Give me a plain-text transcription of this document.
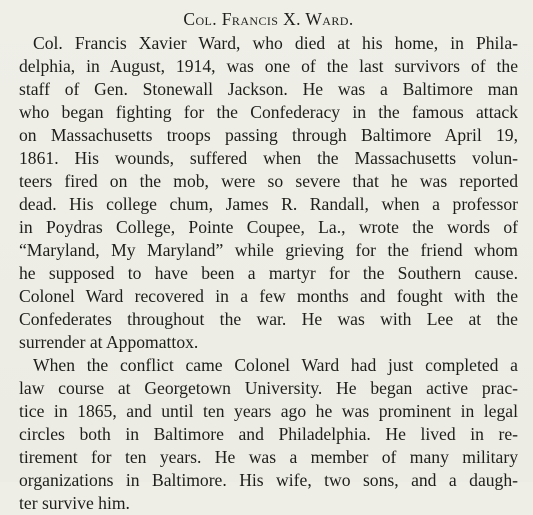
Col. Francis X. Ward.
Col. Francis Xavier Ward, who died at his home, in Phila-
delphia, in August, 1914, was one of the last survivors of the
staff of Gen. Stonewall Jackson. He was a Baltimore man
who began fighting for the Confederacy in the famous attack
on Massachusetts troops passing through Baltimore April 19,
1861. His wounds, suffered when the Massachusetts volun-
teers fired on the mob, were so severe that he was reported
dead. His college chum, James R. Randall, when a professor
in Poydras College, Pointe Coupee, La., wrote the words of
“Maryland, My Maryland” while grieving for the friend whom
he supposed to have been a martyr for the Southern cause.
Colonel Ward recovered in a few months and fought with the
Confederates throughout the war. He was with Lee at the
surrender at Appomattox.
When the conflict came Colonel Ward had just completed a
law course at Georgetown University. He began active prac-
tice in 1865, and until ten years ago he was prominent in legal
circles both in Baltimore and Philadelphia. He lived in re-
tirement for ten years. He was a member of many military
organizations in Baltimore. His wife, two sons, and a daugh-
ter survive him.
